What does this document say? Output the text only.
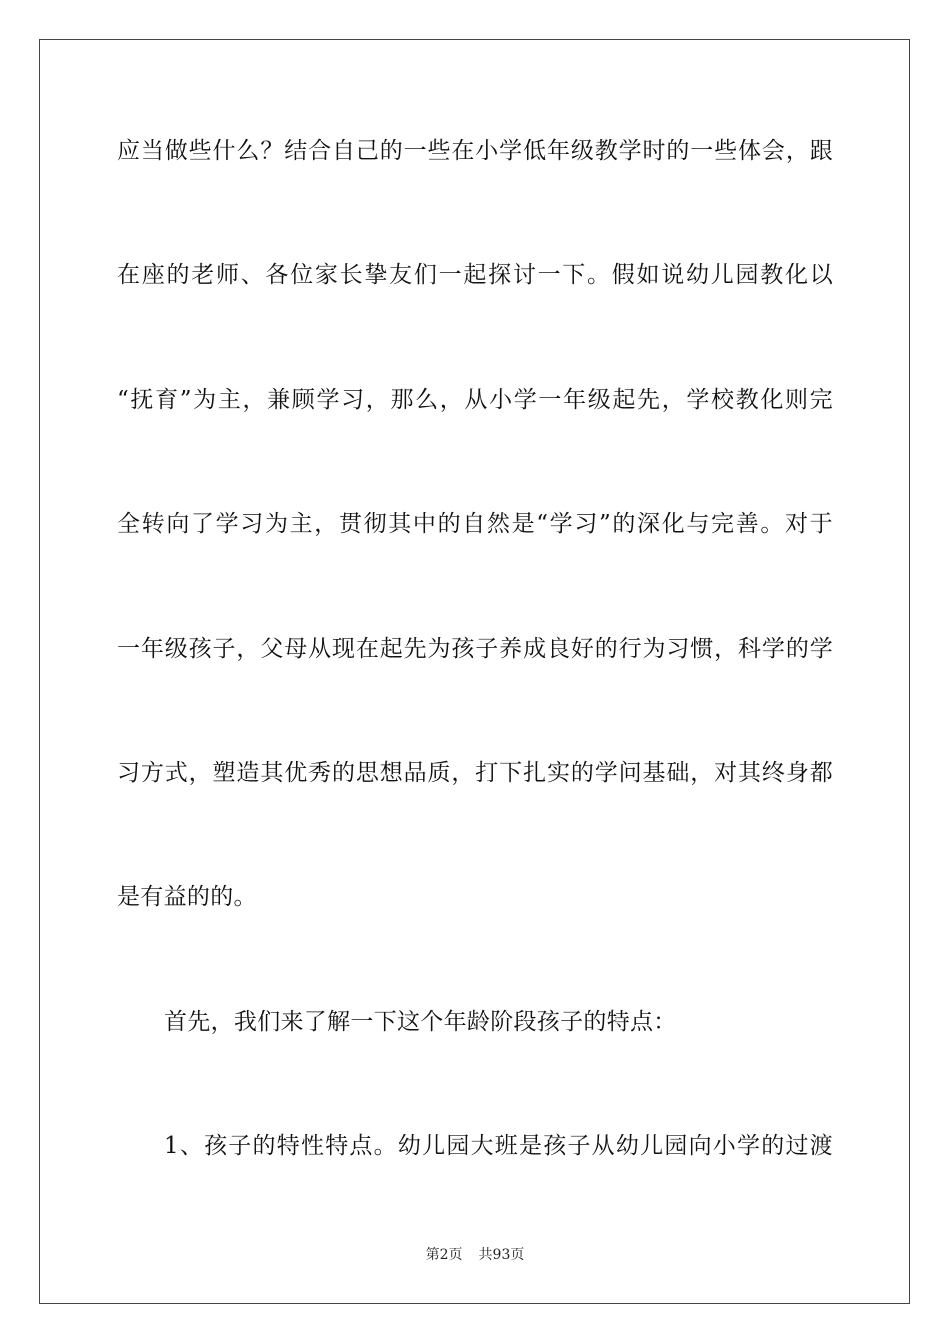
应当做些什么？结合自己的一些在小学低年级教学时的一些体会，跟
在座的老师、各位家长挚友们一起探讨一下。假如说幼儿园教化以
“抚育”为主，兼顾学习，那么，从小学一年级起先，学校教化则完
全转向了学习为主，贯彻其中的自然是“学习”的深化与完善。对于
一年级孩子，父母从现在起先为孩子养成良好的行为习惯，科学的学
习方式，塑造其优秀的思想品质，打下扎实的学问基础，对其终身都
是有益的的。
首先，我们来了解一下这个年龄阶段孩子的特点：
1、孩子的特性特点。幼儿园大班是孩子从幼儿园向小学的过渡
第2页 共93页
